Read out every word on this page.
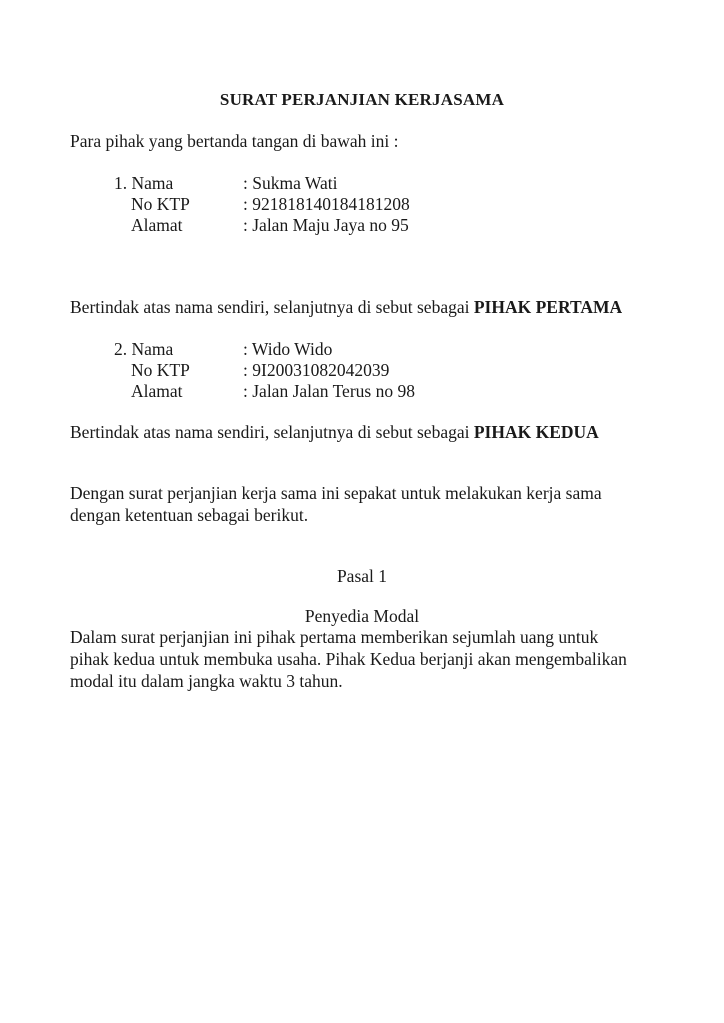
SURAT PERJANJIAN KERJASAMA
Para pihak yang bertanda tangan di bawah ini :
1. Nama	: Sukma Wati
No KTP	: 921818140184181208
Alamat	: Jalan Maju Jaya no 95
Bertindak atas nama sendiri, selanjutnya di sebut sebagai PIHAK PERTAMA
2. Nama	: Wido Wido
No KTP	: 9I20031082042039
Alamat	: Jalan Jalan Terus no 98
Bertindak atas nama sendiri, selanjutnya di sebut sebagai PIHAK KEDUA
Dengan surat perjanjian kerja sama ini sepakat untuk melakukan kerja sama
dengan ketentuan sebagai berikut.
Pasal 1
Penyedia Modal
Dalam surat perjanjian ini pihak pertama memberikan sejumlah uang untuk
pihak kedua untuk membuka usaha. Pihak Kedua berjanji akan mengembalikan
modal itu dalam jangka waktu 3 tahun.
